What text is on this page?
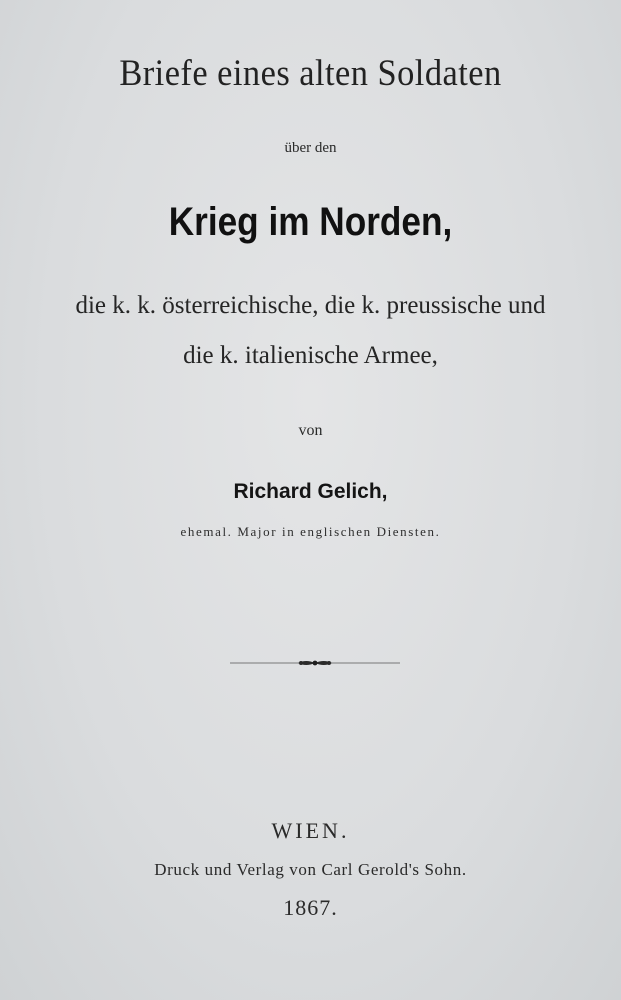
Briefe eines alten Soldaten
über den
Krieg im Norden,
die k. k. österreichische, die k. preussische und
die k. italienische Armee,
von
Richard Gelich,
ehemal. Major in englischen Diensten.
WIEN.
Druck und Verlag von Carl Gerold's Sohn.
1867.
